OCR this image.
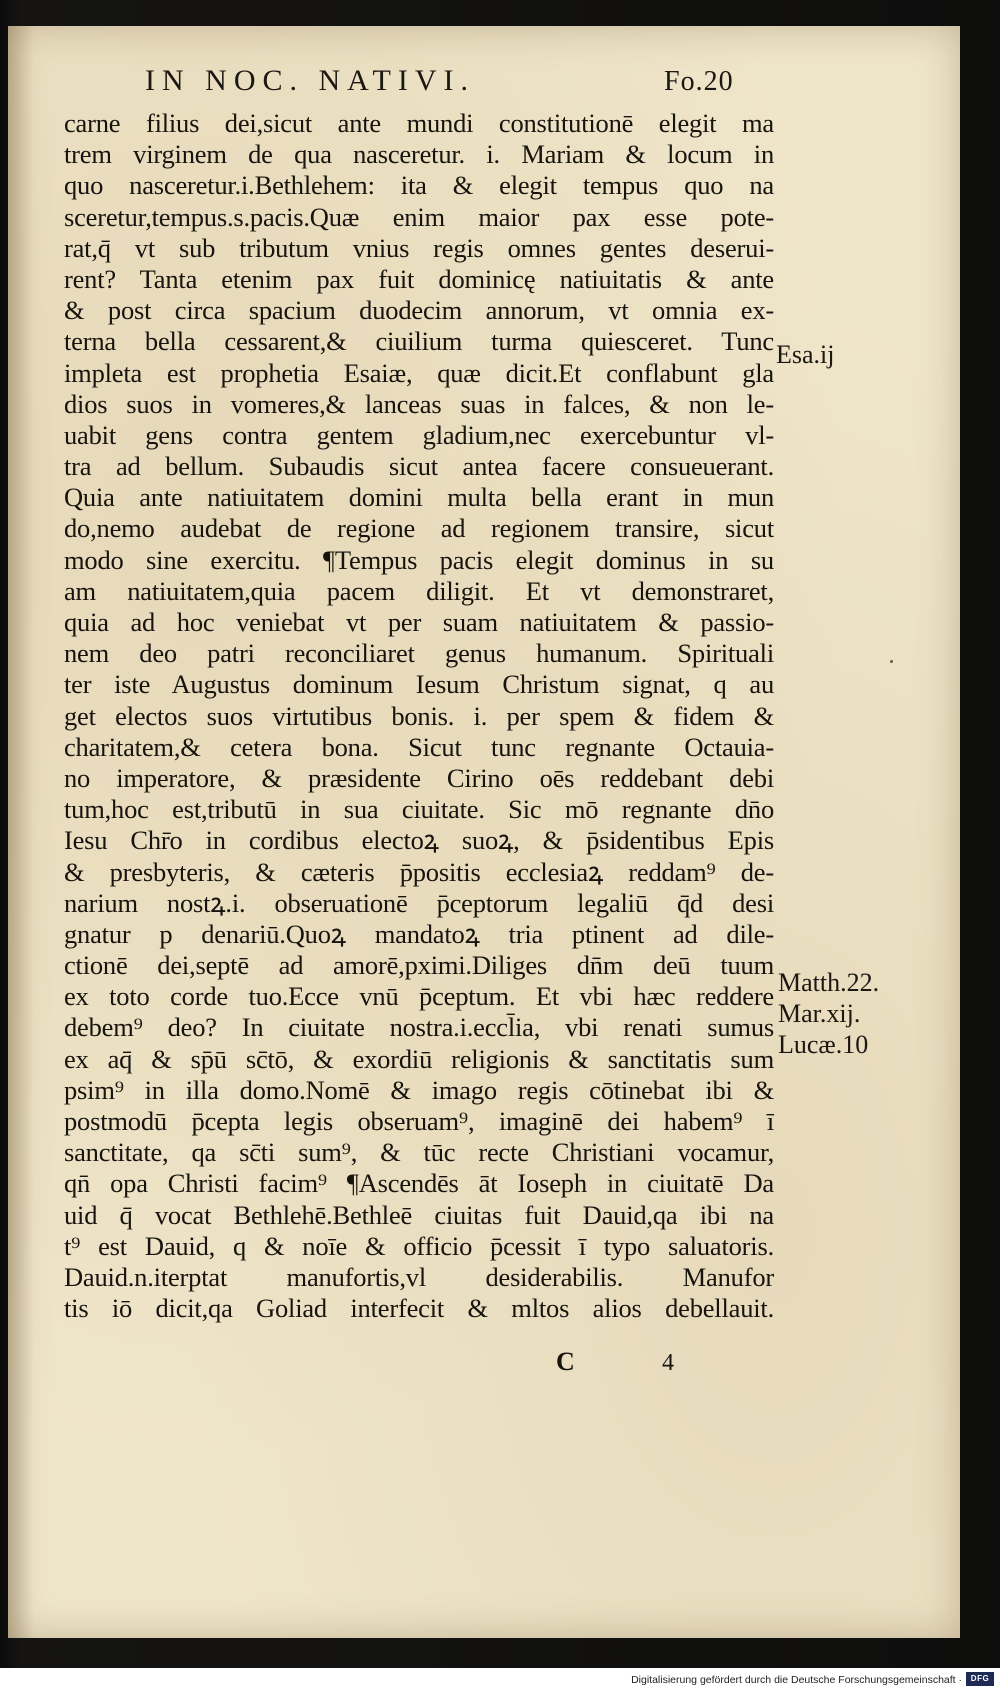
IN NOC. NATIVI.	Fo.20
carne filius dei,sicut ante mundi constitutionē elegit ma
trem virginem de qua nasceretur. i. Mariam & locum in
quo nasceretur.i.Bethlehem: ita & elegit tempus quo na
sceretur,tempus.s.pacis.Quæ enim maior pax esse pote-
rat,q̄ vt sub tributum vnius regis omnes gentes deserui-
rent? Tanta etenim pax fuit dominicę natiuitatis & ante
& post circa spacium duodecim annorum, vt omnia ex-
terna bella cessarent,& ciuilium turma quiesceret. Tunc
impleta est prophetia Esaiæ, quæ dicit.Et conflabunt gla
dios suos in vomeres,& lanceas suas in falces, & non le-
uabit gens contra gentem gladium,nec exercebuntur vl-
tra ad bellum. Subaudis sicut antea facere consueuerant.
Quia ante natiuitatem domini multa bella erant in mun
do,nemo audebat de regione ad regionem transire, sicut
modo sine exercitu. ¶Tempus pacis elegit dominus in su
am natiuitatem,quia pacem diligit. Et vt demonstraret,
quia ad hoc veniebat vt per suam natiuitatem & passio-
nem deo patri reconciliaret genus humanum. Spirituali
ter iste Augustus dominum Iesum Christum signat, q au
get electos suos virtutibus bonis. i. per spem & fidem &
charitatem,& cetera bona. Sicut tunc regnante Octauia-
no imperatore, & præsidente Cirino oēs reddebant debi
tum,hoc est,tributū in sua ciuitate. Sic mō regnante dn̄o
Iesu Chr̄o in cordibus electoꝝ suoꝝ, & p̄sidentibus Epis
& presbyteris, & cæteris p̄positis ecclesiaꝝ reddam⁹ de-
narium nostꝝ.i. obseruationē p̄ceptorum legaliū q̄d desi
gnatur p denariū.Quoꝝ mandatoꝝ tria ptinent ad dile-
ctionē dei,septē ad amorē,pximi.Diliges dn̄m deū tuum
ex toto corde tuo.Ecce vnū p̄ceptum. Et vbi hæc reddere
debem⁹ deo? In ciuitate nostra.i.eccl̄ia, vbi renati sumus
ex aq̄ & sp̄ū sc̄tō, & exordiū religionis & sanctitatis sum
psim⁹ in illa domo.Nomē & imago regis cōtinebat ibi &
postmodū p̄cepta legis obseruam⁹, imaginē dei habem⁹ ī
sanctitate, qa sc̄ti sum⁹, & tūc recte Christiani vocamur,
qn̄ opa Christi facim⁹ ¶Ascendēs āt Ioseph in ciuitatē Da
uid q̄ vocat Bethlehē.Bethleē ciuitas fuit Dauid,qa ibi na
t⁹ est Dauid, q & noīe & officio p̄cessit ī typo saluatoris.
Dauid.n.iterptat manufortis,vl desiderabilis. Manufor
tis iō dicit,qa Goliad interfecit & mltos alios debellauit.
Esa.ij
Matth.22.
Mar.xij.
Lucæ.10
C	4
Digitalisierung gefördert durch die Deutsche Forschungsgemeinschaft ·	DFG
